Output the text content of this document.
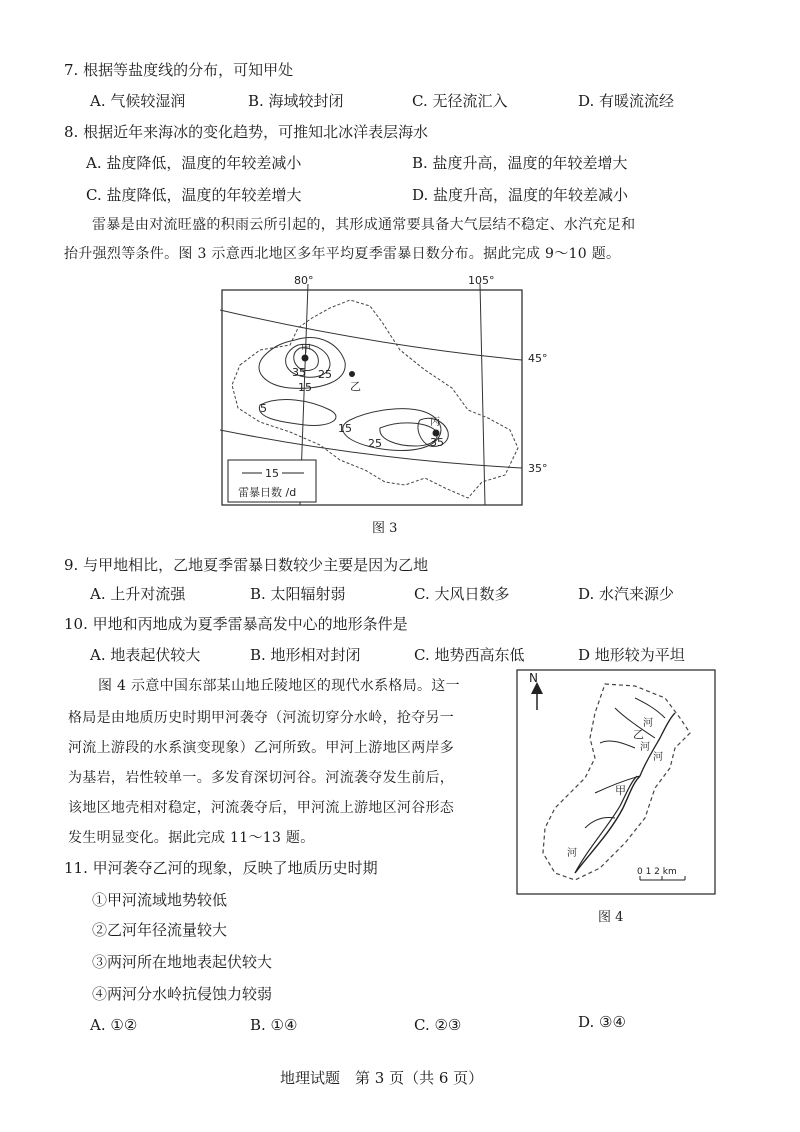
7. 根据等盐度线的分布，可知甲处
A. 气候较湿润	B. 海域较封闭	C. 无径流汇入	D. 有暖流流经
8. 根据近年来海冰的变化趋势，可推知北冰洋表层海水
A. 盐度降低，温度的年较差减小	B. 盐度升高，温度的年较差增大
C. 盐度降低，温度的年较差增大	D. 盐度升高，温度的年较差减小
雷暴是由对流旺盛的积雨云所引起的，其形成通常要具备大气层结不稳定、水汽充足和
抬升强烈等条件。图 3 示意西北地区多年平均夏季雷暴日数分布。据此完成 9～10 题。
80°	105°
45°
35°
甲
乙
丙
35 25
15
5
15
25	35
15
雷暴日数 /d
图 3
9. 与甲地相比，乙地夏季雷暴日数较少主要是因为乙地
A. 上升对流强	B. 太阳辐射弱	C. 大风日数多	D. 水汽来源少
10. 甲地和丙地成为夏季雷暴高发中心的地形条件是
A. 地表起伏较大	B. 地形相对封闭	C. 地势西高东低	D 地形较为平坦
图 4 示意中国东部某山地丘陵地区的现代水系格局。这一
格局是由地质历史时期甲河袭夺（河流切穿分水岭，抢夺另一
河流上游段的水系演变现象）乙河所致。甲河上游地区两岸多
为基岩，岩性较单一。多发育深切河谷。河流袭夺发生前后，
该地区地壳相对稳定，河流袭夺后，甲河流上游地区河谷形态
发生明显变化。据此完成 11～13 题。
N
乙
甲
河
河
河
河
0 1 2 km
图 4
11. 甲河袭夺乙河的现象，反映了地质历史时期
①甲河流域地势较低
②乙河年径流量较大
③两河所在地地表起伏较大
④两河分水岭抗侵蚀力较弱
A. ①②	B. ①④	C. ②③	D. ③④
地理试题　第 3 页（共 6 页）
